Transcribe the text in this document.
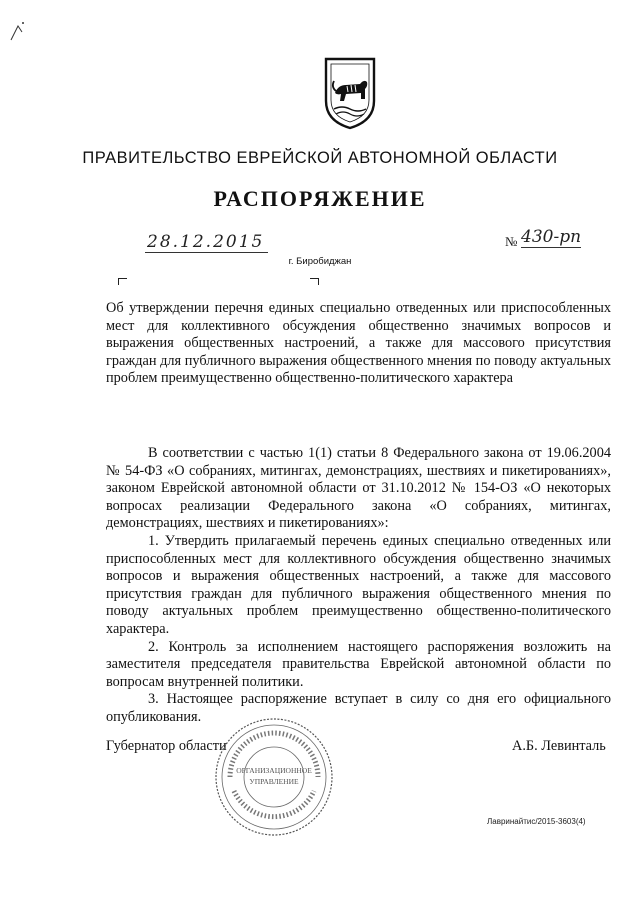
ПРАВИТЕЛЬСТВО ЕВРЕЙСКОЙ АВТОНОМНОЙ ОБЛАСТИ
РАСПОРЯЖЕНИЕ
28.12.2015	№ 430-рп
г. Биробиджан
Об утверждении перечня единых специально отведенных или приспособленных мест для коллективного обсуждения общественно значимых вопросов и выражения общественных настроений, а также для массового присутствия граждан для публичного выражения общественного мнения по поводу актуальных проблем преимущественно общественно-политического характера

В соответствии с частью 1(1) статьи 8 Федерального закона от 19.06.2004 № 54-ФЗ «О собраниях, митингах, демонстрациях, шествиях и пикетированиях», законом Еврейской автономной области от 31.10.2012 № 154-ОЗ «О некоторых вопросах реализации Федерального закона «О собраниях, митингах, демонстрациях, шествиях и пикетированиях»:

1. Утвердить прилагаемый перечень единых специально отведенных или приспособленных мест для коллективного обсуждения общественно значимых вопросов и выражения общественных настроений, а также для массового присутствия граждан для публичного выражения общественного мнения по поводу актуальных проблем преимущественно общественно-политического характера.

2. Контроль за исполнением настоящего распоряжения возложить на заместителя председателя правительства Еврейской автономной области по вопросам внутренней политики.

3. Настоящее распоряжение вступает в силу со дня его официального опубликования.

ОРГАНИЗАЦИОННОЕ
УПРАВЛЕНИЕ
Губернатор области	А.Б. Левинталь
Лавринайтис/2015-3603(4)
